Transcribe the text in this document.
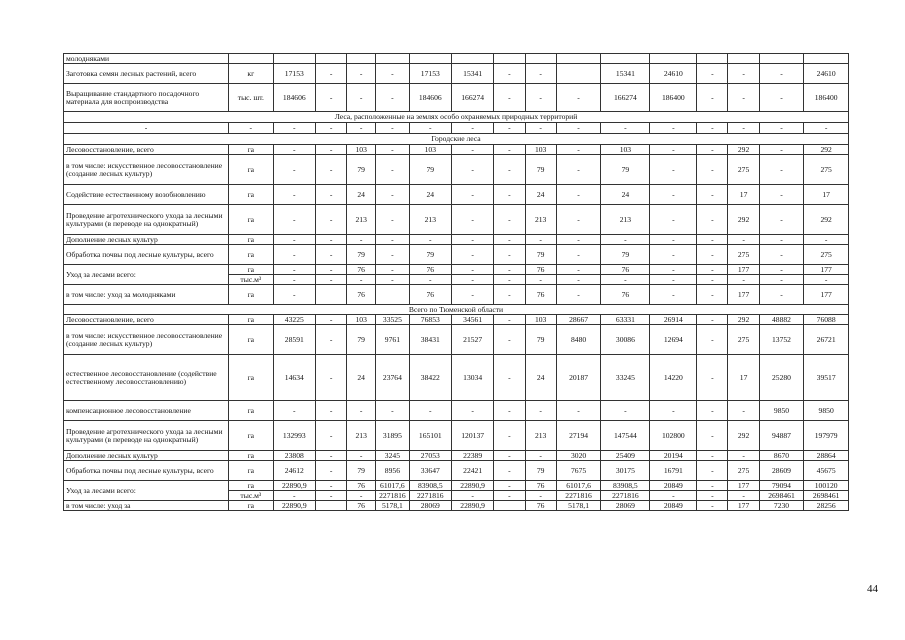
молодняками																
Заготовка семян лесных растений, всего	кг	17153	-	-	-	17153	15341	-	-		15341	24610	-	-	-	24610
Выращивание стандартного посадочного материала для воспроизводства	тыс. шт.	184606	-	-	-	184606	166274	-	-	-	166274	186400	-	-	-	186400
Леса, расположенные на землях особо охраняемых природных территорий																
-	-	-	-	-	-	-	-	-	-	-	-	-	-	-	-	-
Городские леса																
Лесовосстановление, всего	га	-	-	103	-	103	-	-	103	-	103	-	-	292	-	292
в том числе: искусственное лесовосстановление (создание лесных культур)	га	-	-	79	-	79	-	-	79	-	79	-	-	275	-	275
Содействие естественному возобновлению	га	-	-	24	-	24	-	-	24	-	24	-	-	17	-	17
Проведение агротехнического ухода за лесными культурами (в переводе на однократный)	га	-	-	213	-	213	-	-	213	-	213	-	-	292	-	292
Дополнение лесных культур	га	-	-	-	-	-	-	-	-	-	-	-	-	-	-	-
Обработка почвы под лесные культуры, всего	га	-	-	79	-	79	-	-	79	-	79	-	-	275	-	275
Уход за лесами всего:	га	-	-	76	-	76	-	-	76	-	76	-	-	177	-	177
	тыс.м³	-	-	-	-	-	-	-	-	-	-	-	-	-	-	-
в том числе: уход за молодняками	га	-		76		76	-	-	76	-	76	-	-	177	-	177
Всего по Тюменской области																
Лесовосстановление, всего	га	43225	-	103	33525	76853	34561	-	103	28667	63331	26914	-	292	48882	76088
в том числе: искусственное лесовосстановление (создание лесных культур)	га	28591	-	79	9761	38431	21527	-	79	8480	30086	12694	-	275	13752	26721
естественное лесовосстановление (содействие естественному лесовосстановлению)	га	14634	-	24	23764	38422	13034	-	24	20187	33245	14220	-	17	25280	39517
компенсационное лесовосстановление	га	-	-	-	-	-	-	-	-	-	-	-	-	-	9850	9850
Проведение агротехнического ухода за лесными культурами (в переводе на однократный)	га	132993	-	213	31895	165101	120137	-	213	27194	147544	102800	-	292	94887	197979
Дополнение лесных культур	га	23808	-	-	3245	27053	22389	-	-	3020	25409	20194	-	-	8670	28864
Обработка почвы под лесные культуры, всего	га	24612	-	79	8956	33647	22421	-	79	7675	30175	16791	-	275	28609	45675
Уход за лесами всего:	га	22890,9	-	76	61017,6	83908,5	22890,9	-	76	61017,6	83908,5	20849	-	177	79094	100120
	тыс.м³	-	-	-	2271816	2271816	-	-	-	2271816	2271816	-	-	-	2698461	2698461
в том числе: уход за	га	22890,9		76	5178,1	28069	22890,9		76	5178,1	28069	20849	-	177	7230	28256
44
